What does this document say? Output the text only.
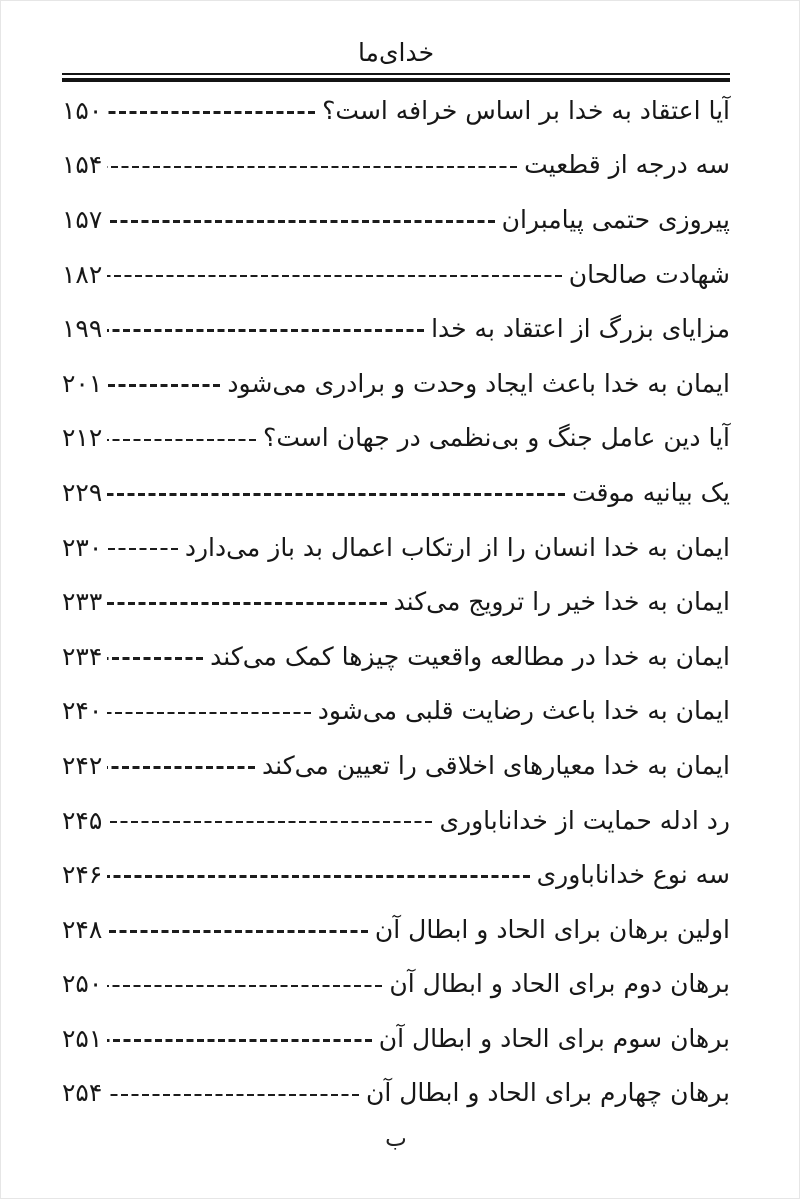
خدای‌ما
آیا اعتقاد به خدا بر اساس خرافه است؟
۱۵۰
سه درجه از قطعیت
۱۵۴
پیروزی حتمی پیامبران
۱۵۷
شهادت صالحان
۱۸۲
مزایای بزرگ از اعتقاد به خدا
۱۹۹
ایمان به خدا باعث ایجاد وحدت و برادری می‌شود
۲۰۱
آیا دین عامل جنگ و بی‌نظمی در جهان است؟
۲۱۲
یک بیانیه موقت
۲۲۹
ایمان به خدا انسان را از ارتکاب اعمال بد باز می‌دارد
۲۳۰
ایمان به خدا خیر را ترویج می‌کند
۲۳۳
ایمان به خدا در مطالعه واقعیت چیزها کمک می‌کند
۲۳۴
ایمان به خدا باعث رضایت قلبی می‌شود
۲۴۰
ایمان به خدا معیارهای اخلاقی را تعیین می‌کند
۲۴۲
رد ادله حمایت از خداناباوری
۲۴۵
سه نوع خداناباوری
۲۴۶
اولین برهان برای الحاد و ابطال آن
۲۴۸
برهان دوم برای الحاد و ابطال آن
۲۵۰
برهان سوم برای الحاد و ابطال آن
۲۵۱
برهان چهارم برای الحاد و ابطال آن
۲۵۴
ب
